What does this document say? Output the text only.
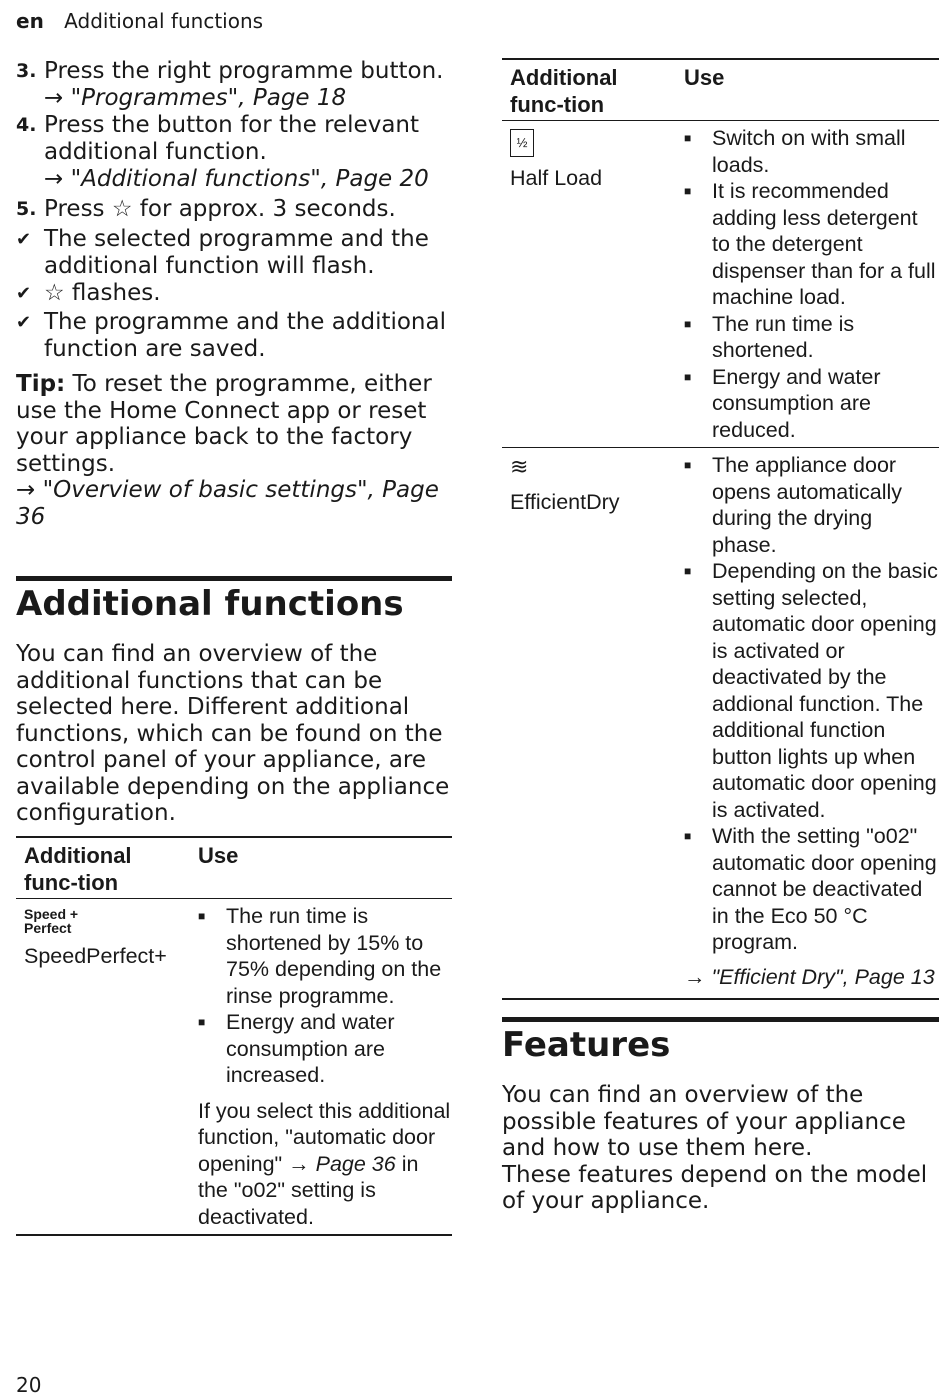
en Additional functions
3. Press the right programme button.
→ "Programmes", Page 18
4. Press the button for the relevant additional function.
→ "Additional functions", Page 20
5. Press ☆ for approx. 3 seconds.
✔ The selected programme and the additional function will flash.
✔ ☆ flashes.
✔ The programme and the additional function are saved.
Tip: To reset the programme, either use the Home Connect app or reset your appliance back to the factory settings.
→ "Overview of basic settings", Page 36
Additional functions
You can find an overview of the additional functions that can be selected here. Different additional functions, which can be found on the control panel of your appliance, are available depending on the appliance configuration.
Additional func-tion
Use
Speed +
Perfect
SpeedPerfect+
■ The run time is shortened by 15% to 75% depending on the rinse programme.
■ Energy and water consumption are increased.
If you select this additional function, "automatic door opening" → Page 36 in the "o02" setting is deactivated.
Additional func-tion
Use
½
Half Load
■ Switch on with small loads.
■ It is recommended adding less detergent to the detergent dispenser than for a full machine load.
■ The run time is shortened.
■ Energy and water consumption are reduced.
≋
EfficientDry
■ The appliance door opens automatically during the drying phase.
■ Depending on the basic setting selected, automatic door opening is activated or deactivated by the addional function. The additional function button lights up when automatic door opening is activated.
■ With the setting "o02" automatic door opening cannot be deactivated in the Eco 50 °C program.
→ "Efficient Dry", Page 13
Features
You can find an overview of the possible features of your appliance and how to use them here.
These features depend on the model of your appliance.
20
